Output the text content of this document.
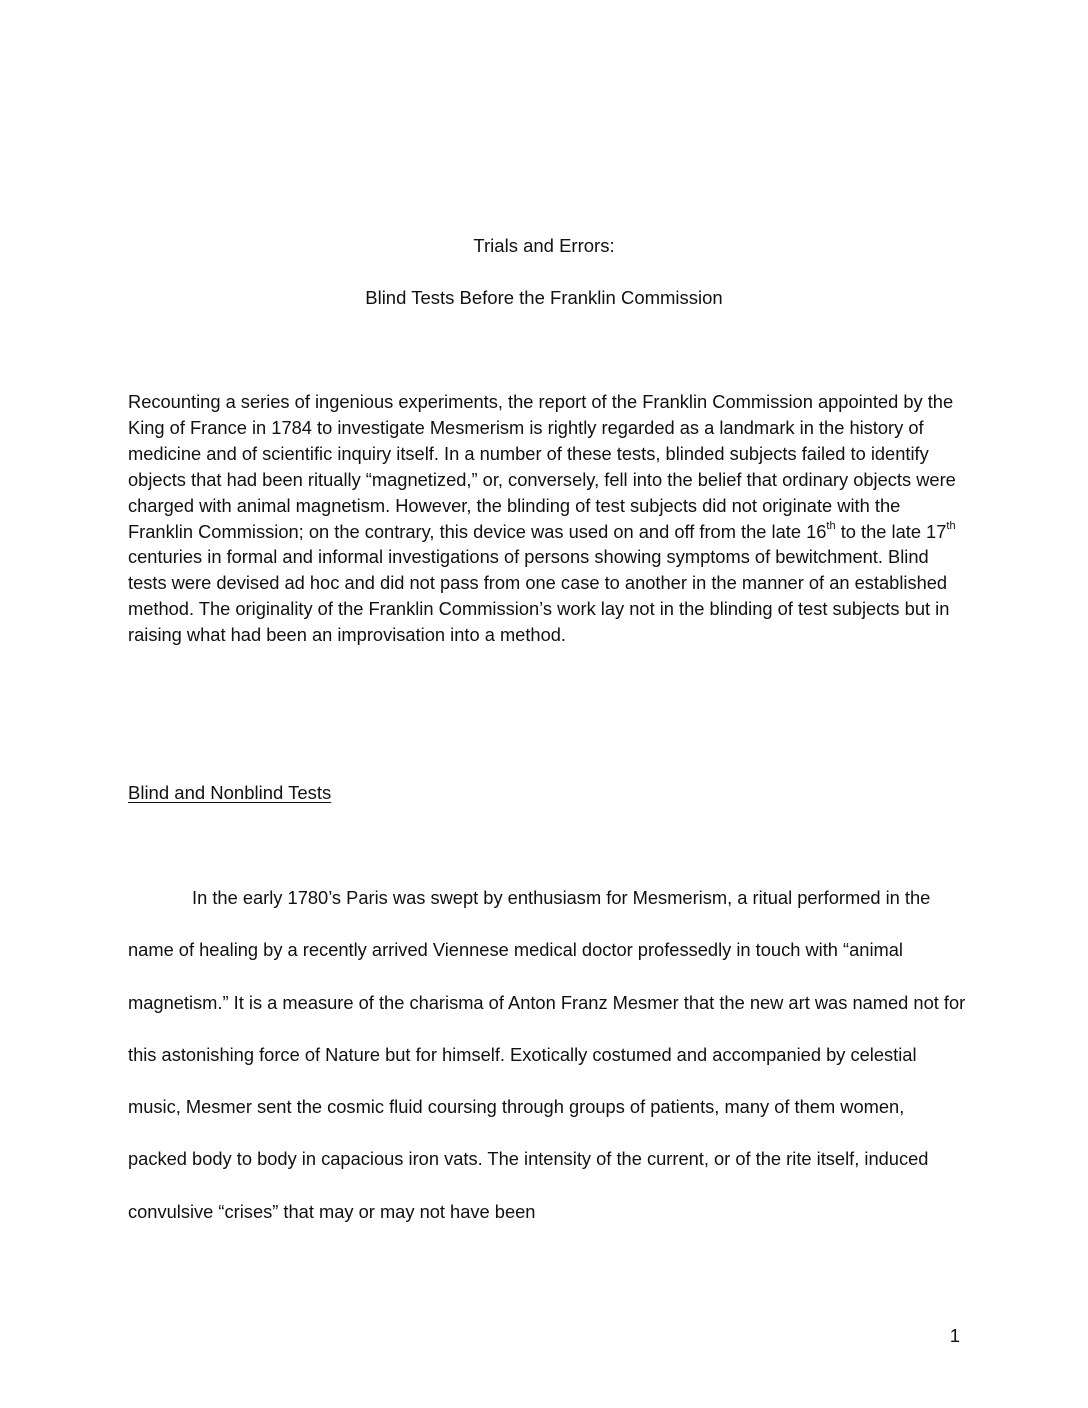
Trials and Errors:

Blind Tests Before the Franklin Commission

Recounting a series of ingenious experiments, the report of the Franklin Commission appointed by the King of France in 1784 to investigate Mesmerism is rightly regarded as a landmark in the history of medicine and of scientific inquiry itself. In a number of these tests, blinded subjects failed to identify objects that had been ritually “magnetized,” or, conversely, fell into the belief that ordinary objects were charged with animal magnetism. However, the blinding of test subjects did not originate with the Franklin Commission; on the contrary, this device was used on and off from the late 16th to the late 17th centuries in formal and informal investigations of persons showing symptoms of bewitchment. Blind tests were devised ad hoc and did not pass from one case to another in the manner of an established method. The originality of the Franklin Commission’s work lay not in the blinding of test subjects but in raising what had been an improvisation into a method.

Blind and Nonblind Tests

In the early 1780’s Paris was swept by enthusiasm for Mesmerism, a ritual performed in the name of healing by a recently arrived Viennese medical doctor professedly in touch with “animal magnetism.” It is a measure of the charisma of Anton Franz Mesmer that the new art was named not for this astonishing force of Nature but for himself. Exotically costumed and accompanied by celestial music, Mesmer sent the cosmic fluid coursing through groups of patients, many of them women, packed body to body in capacious iron vats. The intensity of the current, or of the rite itself, induced convulsive “crises” that may or may not have been

1
